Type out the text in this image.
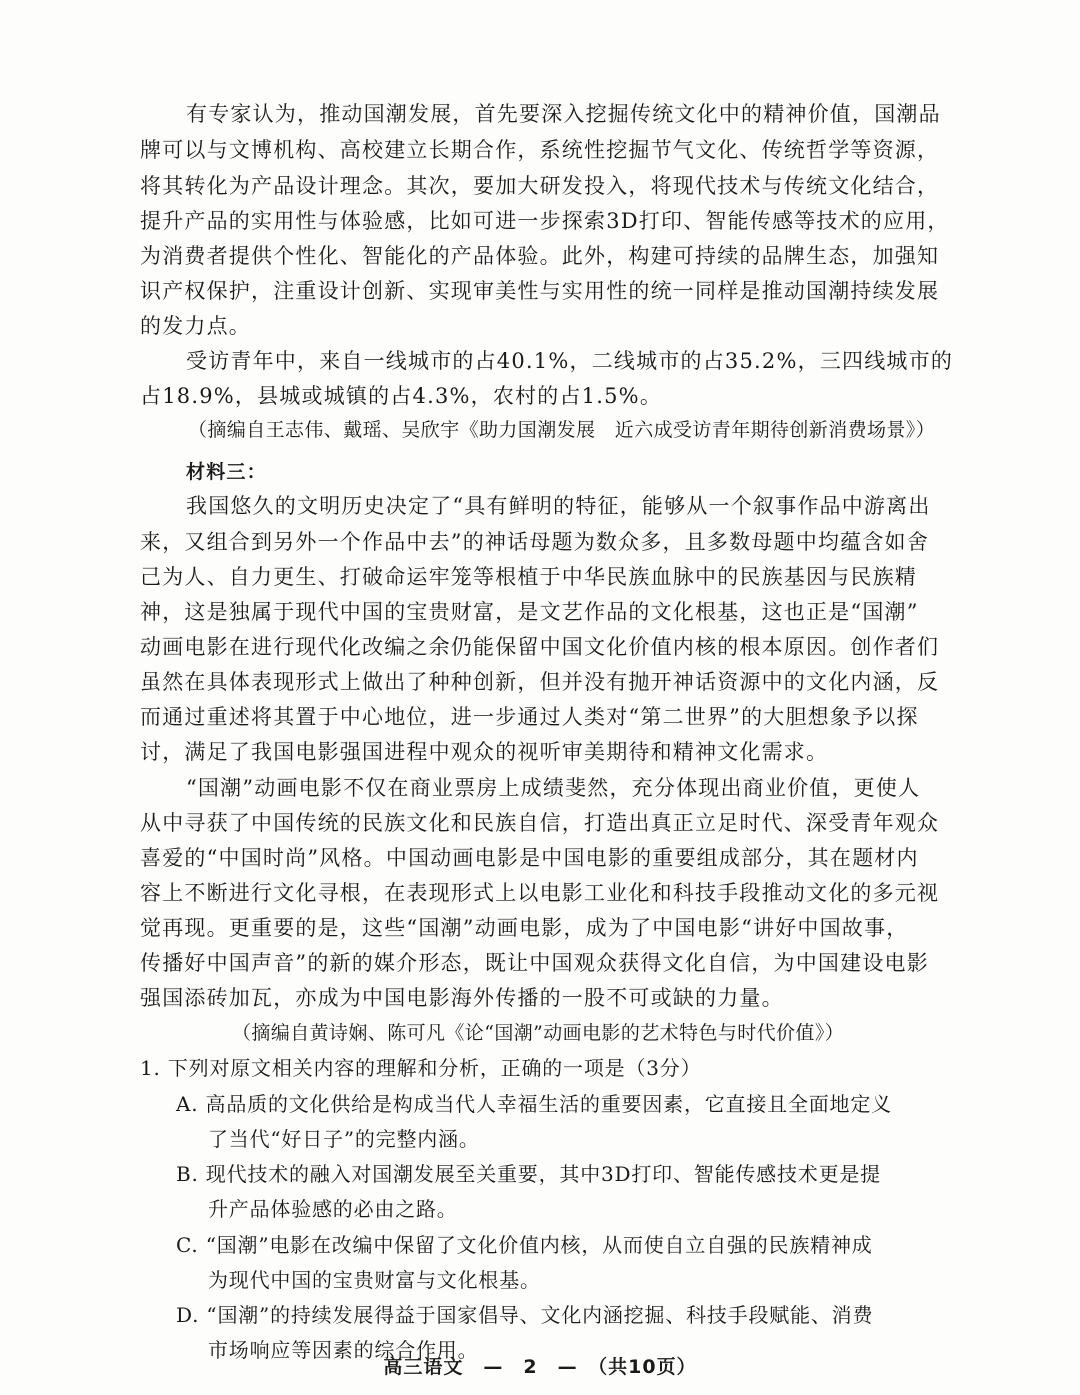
有专家认为，推动国潮发展，首先要深入挖掘传统文化中的精神价值，国潮品
牌可以与文博机构、高校建立长期合作，系统性挖掘节气文化、传统哲学等资源，
将其转化为产品设计理念。其次，要加大研发投入，将现代技术与传统文化结合，
提升产品的实用性与体验感，比如可进一步探索3D打印、智能传感等技术的应用，
为消费者提供个性化、智能化的产品体验。此外，构建可持续的品牌生态，加强知
识产权保护，注重设计创新、实现审美性与实用性的统一同样是推动国潮持续发展
的发力点。
受访青年中，来自一线城市的占40.1%，二线城市的占35.2%，三四线城市的
占18.9%，县城或城镇的占4.3%，农村的占1.5%。
（摘编自王志伟、戴瑶、吴欣宇《助力国潮发展　近六成受访青年期待创新消费场景》）
材料三：
我国悠久的文明历史决定了“具有鲜明的特征，能够从一个叙事作品中游离出
来，又组合到另外一个作品中去”的神话母题为数众多，且多数母题中均蕴含如舍
己为人、自力更生、打破命运牢笼等根植于中华民族血脉中的民族基因与民族精
神，这是独属于现代中国的宝贵财富，是文艺作品的文化根基，这也正是“国潮”
动画电影在进行现代化改编之余仍能保留中国文化价值内核的根本原因。创作者们
虽然在具体表现形式上做出了种种创新，但并没有抛开神话资源中的文化内涵，反
而通过重述将其置于中心地位，进一步通过人类对“第二世界”的大胆想象予以探
讨，满足了我国电影强国进程中观众的视听审美期待和精神文化需求。
“国潮”动画电影不仅在商业票房上成绩斐然，充分体现出商业价值，更使人
从中寻获了中国传统的民族文化和民族自信，打造出真正立足时代、深受青年观众
喜爱的“中国时尚”风格。中国动画电影是中国电影的重要组成部分，其在题材内
容上不断进行文化寻根，在表现形式上以电影工业化和科技手段推动文化的多元视
觉再现。更重要的是，这些“国潮”动画电影，成为了中国电影“讲好中国故事，
传播好中国声音”的新的媒介形态，既让中国观众获得文化自信，为中国建设电影
强国添砖加瓦，亦成为中国电影海外传播的一股不可或缺的力量。
（摘编自黄诗娴、陈可凡《论“国潮”动画电影的艺术特色与时代价值》）
1. 下列对原文相关内容的理解和分析，正确的一项是（3分）
A. 高品质的文化供给是构成当代人幸福生活的重要因素，它直接且全面地定义
了当代“好日子”的完整内涵。
B. 现代技术的融入对国潮发展至关重要，其中3D打印、智能传感技术更是提
升产品体验感的必由之路。
C. “国潮”电影在改编中保留了文化价值内核，从而使自立自强的民族精神成
为现代中国的宝贵财富与文化根基。
D. “国潮”的持续发展得益于国家倡导、文化内涵挖掘、科技手段赋能、消费
市场响应等因素的综合作用。
高三语文　—　2　—　（共10页）
